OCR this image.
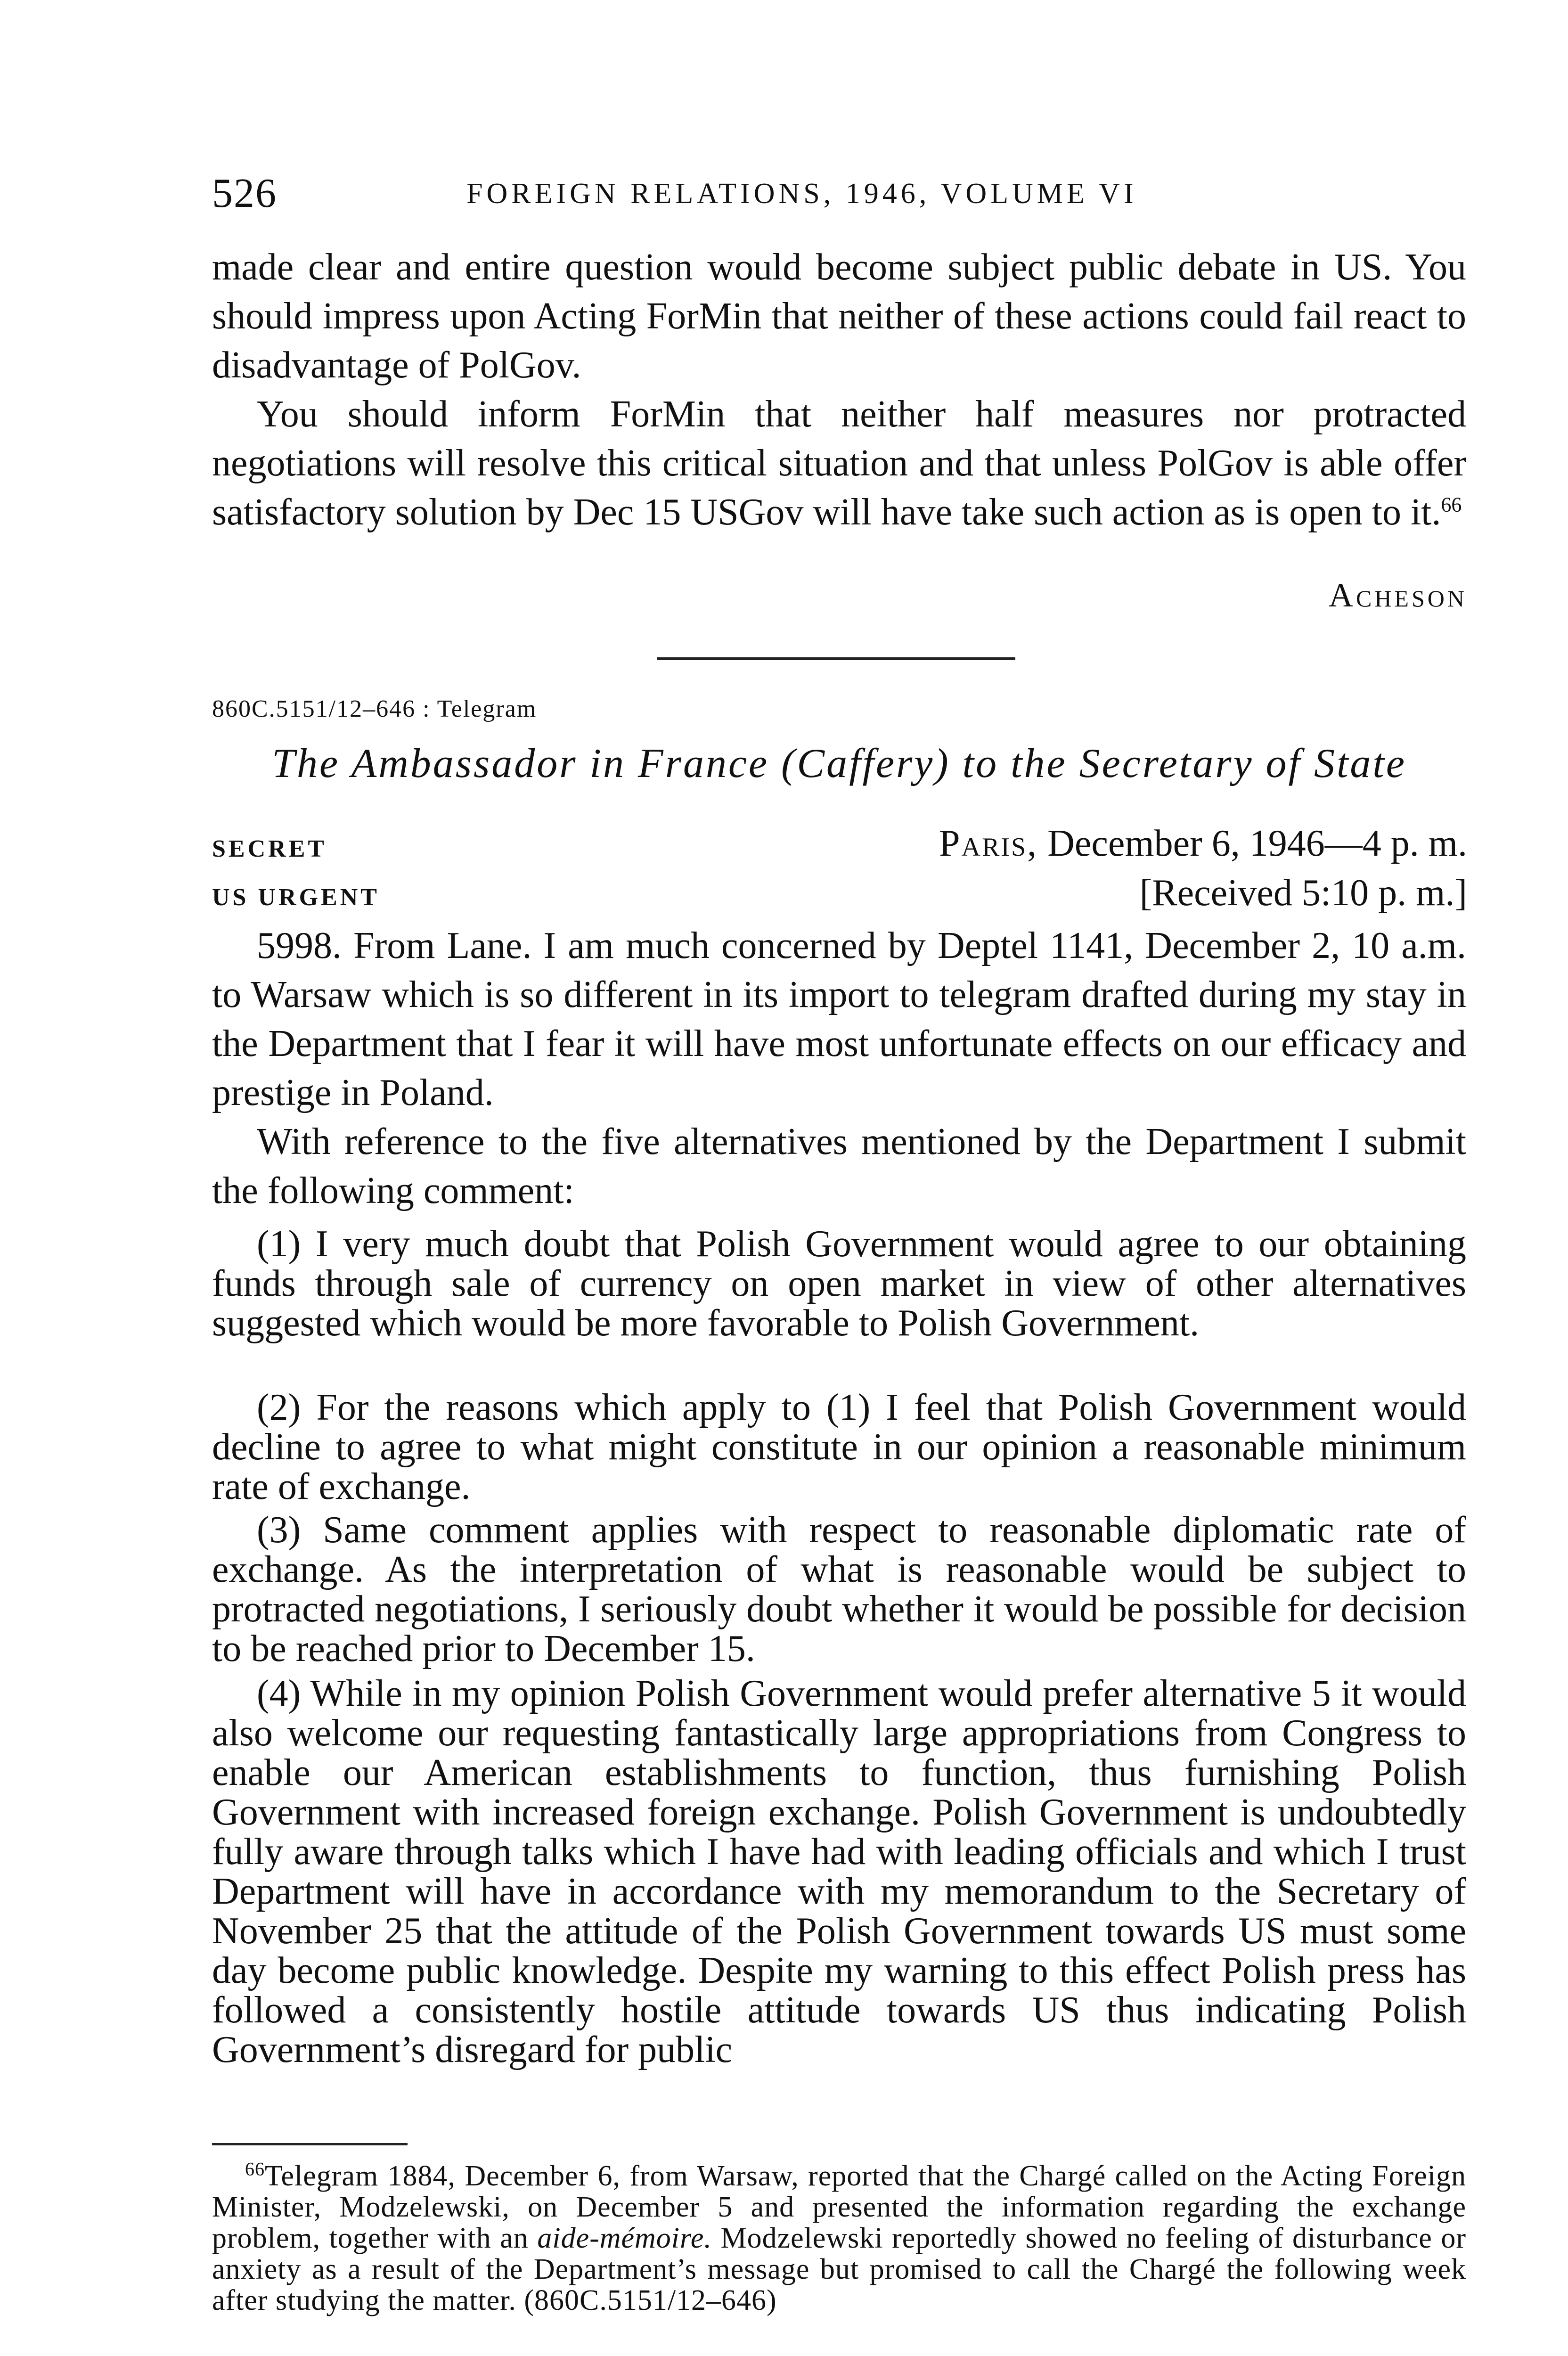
526	FOREIGN RELATIONS, 1946, VOLUME VI

made clear and entire question would become subject public debate in US. You should impress upon Acting ForMin that neither of these actions could fail react to disadvantage of PolGov.

You should inform ForMin that neither half measures nor protracted negotiations will resolve this critical situation and that unless PolGov is able offer satisfactory solution by Dec 15 USGov will have take such action as is open to it.$^{66}$

Acheson
860C.5151/12–646 : Telegram
The Ambassador in France (Caffery) to the Secretary of State
SECRET
US URGENT
Paris, December 6, 1946—4 p. m.
[Received 5:10 p. m.]

5998. From Lane. I am much concerned by Deptel 1141, December 2, 10 a.m. to Warsaw which is so different in its import to telegram drafted during my stay in the Department that I fear it will have most unfortunate effects on our efficacy and prestige in Poland.

With reference to the five alternatives mentioned by the Department I submit the following comment:

(1) I very much doubt that Polish Government would agree to our obtaining funds through sale of currency on open market in view of other alternatives suggested which would be more favorable to Polish Government.

(2) For the reasons which apply to (1) I feel that Polish Government would decline to agree to what might constitute in our opinion a reasonable minimum rate of exchange.

(3) Same comment applies with respect to reasonable diplomatic rate of exchange. As the interpretation of what is reasonable would be subject to protracted negotiations, I seriously doubt whether it would be possible for decision to be reached prior to December 15.

(4) While in my opinion Polish Government would prefer alternative 5 it would also welcome our requesting fantastically large appropriations from Congress to enable our American establishments to function, thus furnishing Polish Government with increased foreign exchange. Polish Government is undoubtedly fully aware through talks which I have had with leading officials and which I trust Department will have in accordance with my memorandum to the Secretary of November 25 that the attitude of the Polish Government towards US must some day become public knowledge. Despite my warning to this effect Polish press has followed a consistently hostile attitude towards US thus indicating Polish Government’s disregard for public

$^{66}$Telegram 1884, December 6, from Warsaw, reported that the Chargé called on the Acting Foreign Minister, Modzelewski, on December 5 and presented the information regarding the exchange problem, together with an aide-mémoire. Modzelewski reportedly showed no feeling of disturbance or anxiety as a result of the Department’s message but promised to call the Chargé the following week after studying the matter. (860C.5151/12–646)
